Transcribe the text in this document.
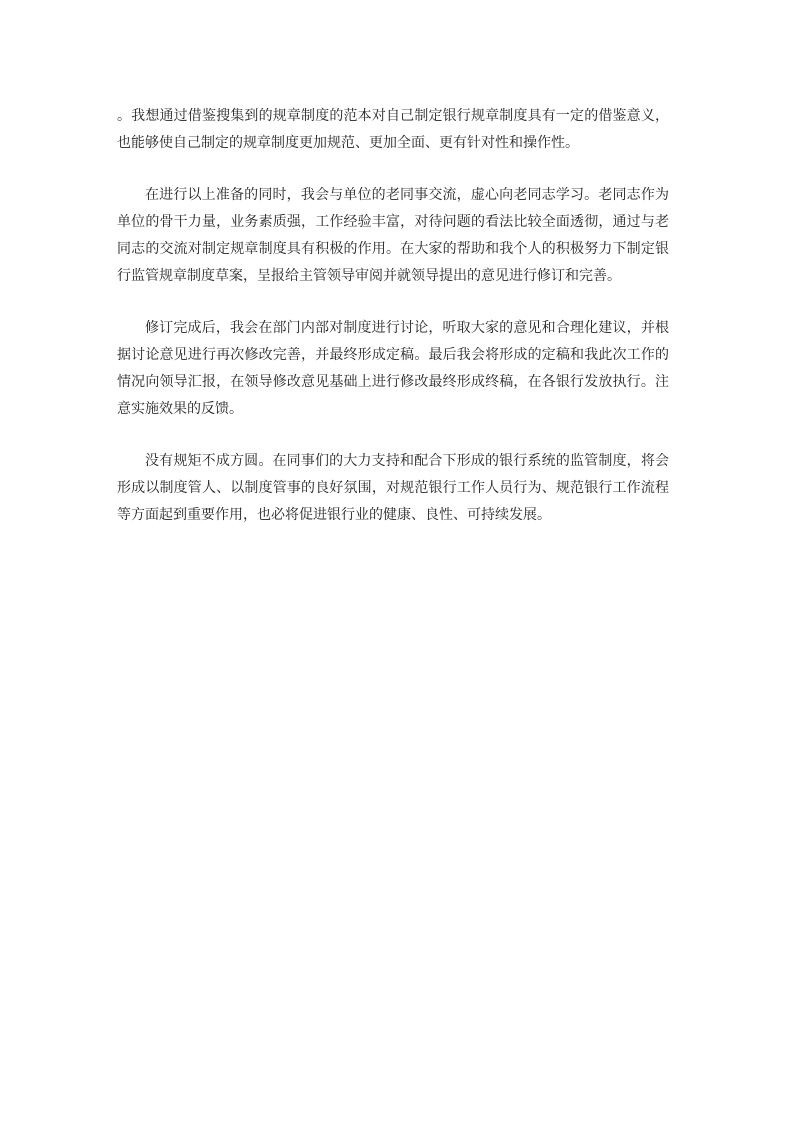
。我想通过借鉴搜集到的规章制度的范本对自己制定银行规章制度具有一定的借鉴意义，也能够使自己制定的规章制度更加规范、更加全面、更有针对性和操作性。

在进行以上准备的同时，我会与单位的老同事交流，虚心向老同志学习。老同志作为单位的骨干力量，业务素质强，工作经验丰富，对待问题的看法比较全面透彻，通过与老同志的交流对制定规章制度具有积极的作用。在大家的帮助和我个人的积极努力下制定银行监管规章制度草案，呈报给主管领导审阅并就领导提出的意见进行修订和完善。

修订完成后，我会在部门内部对制度进行讨论，听取大家的意见和合理化建议，并根据讨论意见进行再次修改完善，并最终形成定稿。最后我会将形成的定稿和我此次工作的情况向领导汇报，在领导修改意见基础上进行修改最终形成终稿，在各银行发放执行。注意实施效果的反馈。

没有规矩不成方圆。在同事们的大力支持和配合下形成的银行系统的监管制度，将会形成以制度管人、以制度管事的良好氛围，对规范银行工作人员行为、规范银行工作流程等方面起到重要作用，也必将促进银行业的健康、良性、可持续发展。
